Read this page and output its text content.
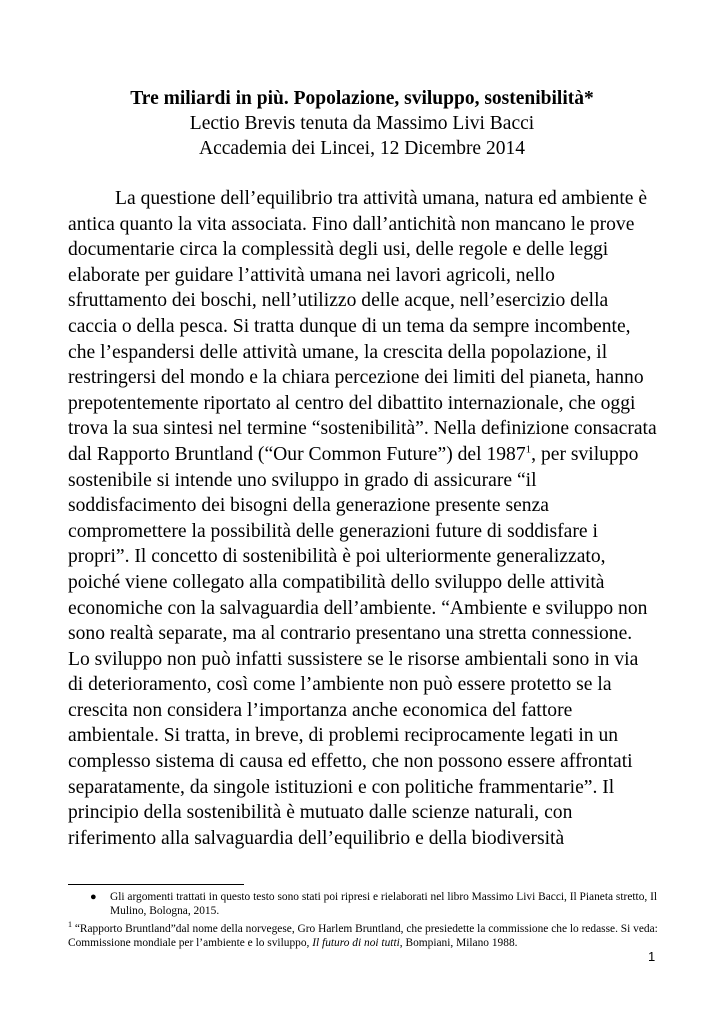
Tre miliardi in più. Popolazione, sviluppo, sostenibilità*
Lectio Brevis tenuta da Massimo Livi Bacci
Accademia dei Lincei, 12 Dicembre 2014

La questione dell’equilibrio tra attività umana, natura ed ambiente è antica quanto la vita associata. Fino dall’antichità non mancano le prove documentarie circa la complessità degli usi, delle regole e delle leggi elaborate per guidare l’attività umana nei lavori agricoli, nello sfruttamento dei boschi, nell’utilizzo delle acque, nell’esercizio della caccia o della pesca. Si tratta dunque di un tema da sempre incombente, che l’espandersi delle attività umane, la crescita della popolazione, il restringersi del mondo e la chiara percezione dei limiti del pianeta, hanno prepotentemente riportato al centro del dibattito internazionale, che oggi trova la sua sintesi nel termine “sostenibilità”. Nella definizione consacrata dal Rapporto Bruntland (“Our Common Future”) del 1987$^1$, per sviluppo sostenibile si intende uno sviluppo in grado di assicurare “il soddisfacimento dei bisogni della generazione presente senza compromettere la possibilità delle generazioni future di soddisfare i propri”. Il concetto di sostenibilità è poi ulteriormente generalizzato, poiché viene collegato alla compatibilità dello sviluppo delle attività economiche con la salvaguardia dell’ambiente. “Ambiente e sviluppo non sono realtà separate, ma al contrario presentano una stretta connessione. Lo sviluppo non può infatti sussistere se le risorse ambientali sono in via di deterioramento, così come l’ambiente non può essere protetto se la crescita non considera l’importanza anche economica del fattore ambientale. Si tratta, in breve, di problemi reciprocamente legati in un complesso sistema di causa ed effetto, che non possono essere affrontati separatamente, da singole istituzioni e con politiche frammentarie”. Il principio della sostenibilità è mutuato dalle scienze naturali, con riferimento alla salvaguardia dell’equilibrio e della biodiversità

● Gli argomenti trattati in questo testo sono stati poi ripresi e rielaborati nel libro Massimo Livi Bacci, Il Pianeta stretto, Il Mulino, Bologna, 2015.
$^1$ “Rapporto Bruntland”dal nome della norvegese, Gro Harlem Bruntland, che presiedette la commissione che lo redasse. Si veda: Commissione mondiale per l’ambiente e lo sviluppo, Il futuro di noi tutti, Bompiani, Milano 1988.
1
